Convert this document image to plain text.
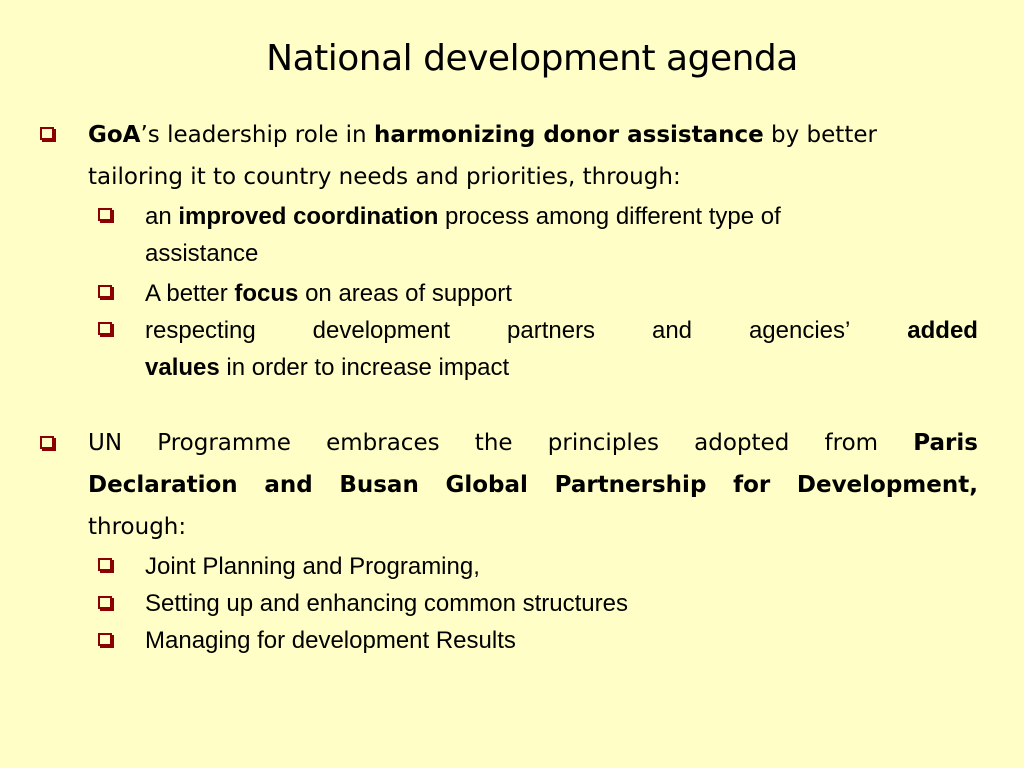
National development agenda
GoA’s leadership role in harmonizing donor assistance by better
tailoring it to country needs and priorities, through:
an improved coordination process among different type of
assistance
A better focus on areas of support
respecting development partners and agencies’ added
values in order to increase impact
UN Programme embraces the principles adopted from Paris
Declaration and Busan Global Partnership for Development,
through:
Joint Planning and Programing,
Setting up and enhancing common structures
Managing for development Results
